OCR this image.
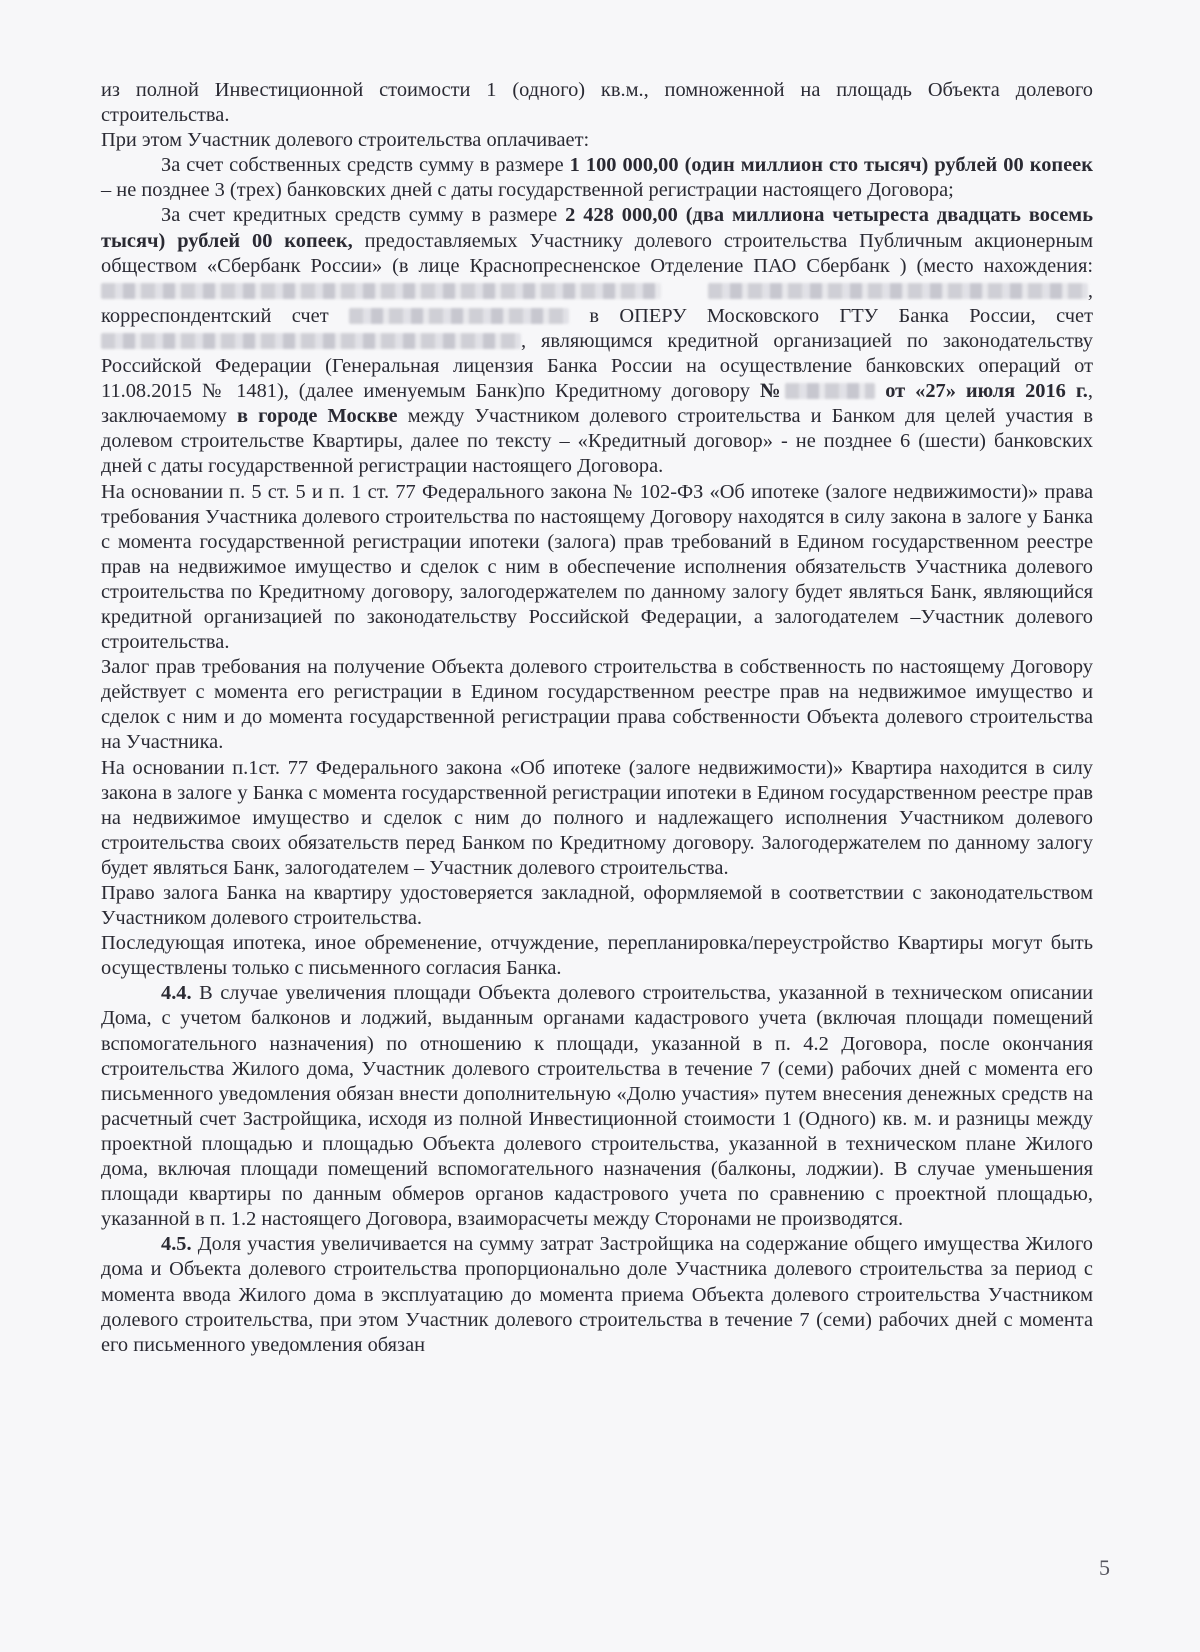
из полной Инвестиционной стоимости 1 (одного) кв.м., помноженной на площадь Объекта долевого строительства.

При этом Участник долевого строительства оплачивает:

За счет собственных средств сумму в размере 1 100 000,00 (один миллион сто тысяч) рублей 00 копеек – не позднее 3 (трех) банковских дней с даты государственной регистрации настоящего Договора;

За счет кредитных средств сумму в размере 2 428 000,00 (два миллиона четыреста двадцать восемь тысяч) рублей 00 копеек, предоставляемых Участнику долевого строительства Публичным акционерным обществом «Сбербанк России» (в лице Краснопресненское Отделение ПАО Сбербанк ) (место нахождения:  , корреспондентский счет	в ОПЕРУ Московского ГТУ Банка России, счет , являющимся кредитной организацией по законодательству Российской Федерации (Генеральная лицензия Банка России на осуществление банковских операций от 11.08.2015 № 1481), (далее именуемым Банк)по Кредитному договору №	от «27» июля 2016 г., заключаемому в городе Москве между Участником долевого строительства и Банком для целей участия в долевом строительстве Квартиры, далее по тексту – «Кредитный договор» - не позднее 6 (шести) банковских дней с даты государственной регистрации настоящего Договора.

На основании п. 5 ст. 5 и п. 1 ст. 77 Федерального закона № 102-ФЗ «Об ипотеке (залоге недвижимости)» права требования Участника долевого строительства по настоящему Договору находятся в силу закона в залоге у Банка с момента государственной регистрации ипотеки (залога) прав требований в Едином государственном реестре прав на недвижимое имущество и сделок с ним в обеспечение исполнения обязательств Участника долевого строительства по Кредитному договору, залогодержателем по данному залогу будет являться Банк, являющийся кредитной организацией по законодательству Российской Федерации, а залогодателем –Участник долевого строительства.

Залог прав требования на получение Объекта долевого строительства в собственность по настоящему Договору действует с момента его регистрации в Едином государственном реестре прав на недвижимое имущество и сделок с ним и до момента государственной регистрации права собственности Объекта долевого строительства на Участника.

На основании п.1ст. 77 Федерального закона «Об ипотеке (залоге недвижимости)» Квартира находится в силу закона в залоге у Банка с момента государственной регистрации ипотеки в Едином государственном реестре прав на недвижимое имущество и сделок с ним до полного и надлежащего исполнения Участником долевого строительства своих обязательств перед Банком по Кредитному договору. Залогодержателем по данному залогу будет являться Банк, залогодателем – Участник долевого строительства.

Право залога Банка на квартиру удостоверяется закладной, оформляемой в соответствии с законодательством Участником долевого строительства.

Последующая ипотека, иное обременение, отчуждение, перепланировка/переустройство Квартиры могут быть осуществлены только с письменного согласия Банка.

4.4. В случае увеличения площади Объекта долевого строительства, указанной в техническом описании Дома, с учетом балконов и лоджий, выданным органами кадастрового учета (включая площади помещений вспомогательного назначения) по отношению к площади, указанной в п. 4.2 Договора, после окончания строительства Жилого дома, Участник долевого строительства в течение 7 (семи) рабочих дней с момента его письменного уведомления обязан внести дополнительную «Долю участия» путем внесения денежных средств на расчетный счет Застройщика, исходя из полной Инвестиционной стоимости 1 (Одного) кв. м. и разницы между проектной площадью и площадью Объекта долевого строительства, указанной в техническом плане Жилого дома, включая площади помещений вспомогательного назначения (балконы, лоджии). В случае уменьшения площади квартиры по данным обмеров органов кадастрового учета по сравнению с проектной площадью, указанной в п. 1.2 настоящего Договора, взаиморасчеты между Сторонами не производятся.

4.5. Доля участия увеличивается на сумму затрат Застройщика на содержание общего имущества Жилого дома и Объекта долевого строительства пропорционально доле Участника долевого строительства за период с момента ввода Жилого дома в эксплуатацию до момента приема Объекта долевого строительства Участником долевого строительства, при этом Участник долевого строительства в течение 7 (семи) рабочих дней с момента его письменного уведомления обязан

5
